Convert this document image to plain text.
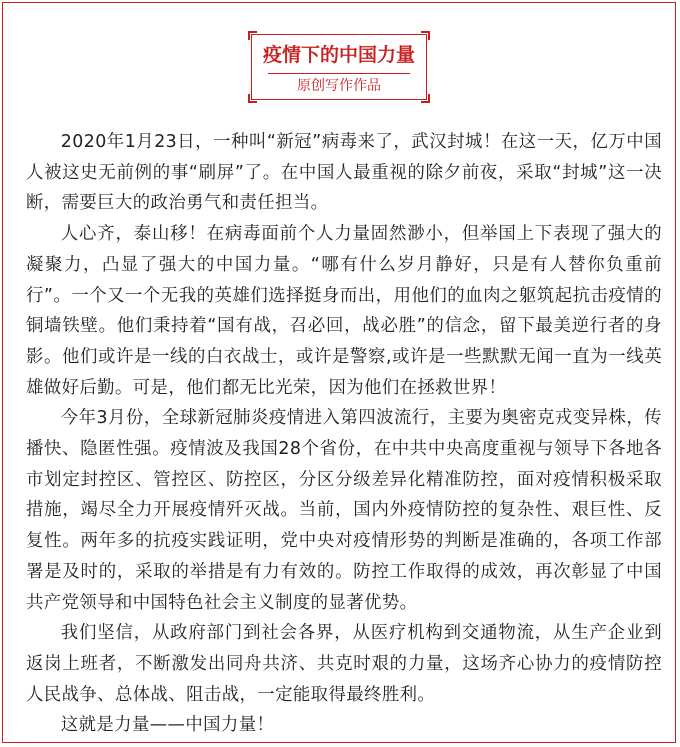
疫情下的中国力量
原创写作作品

2020年1月23日，一种叫“新冠”病毒来了，武汉封城！在这一天，亿万中国人被这史无前例的事“刷屏”了。在中国人最重视的除夕前夜，采取“封城”这一决断，需要巨大的政治勇气和责任担当。

人心齐，泰山移！在病毒面前个人力量固然渺小，但举国上下表现了强大的凝聚力，凸显了强大的中国力量。“哪有什么岁月静好，只是有人替你负重前行”。一个又一个无我的英雄们选择挺身而出，用他们的血肉之躯筑起抗击疫情的铜墙铁壁。他们秉持着“国有战，召必回，战必胜”的信念，留下最美逆行者的身影。他们或许是一线的白衣战士，或许是警察,或许是一些默默无闻一直为一线英雄做好后勤。可是，他们都无比光荣，因为他们在拯救世界！

今年3月份，全球新冠肺炎疫情进入第四波流行，主要为奥密克戎变异株，传播快、隐匿性强。疫情波及我国28个省份，在中共中央高度重视与领导下各地各市划定封控区、管控区、防控区，分区分级差异化精准防控，面对疫情积极采取措施，竭尽全力开展疫情歼灭战。当前，国内外疫情防控的复杂性、艰巨性、反复性。两年多的抗疫实践证明，党中央对疫情形势的判断是准确的，各项工作部署是及时的，采取的举措是有力有效的。防控工作取得的成效，再次彰显了中国共产党领导和中国特色社会主义制度的显著优势。

我们坚信，从政府部门到社会各界，从医疗机构到交通物流，从生产企业到返岗上班者，不断激发出同舟共济、共克时艰的力量，这场齐心协力的疫情防控人民战争、总体战、阻击战，一定能取得最终胜利。

这就是力量——中国力量！
